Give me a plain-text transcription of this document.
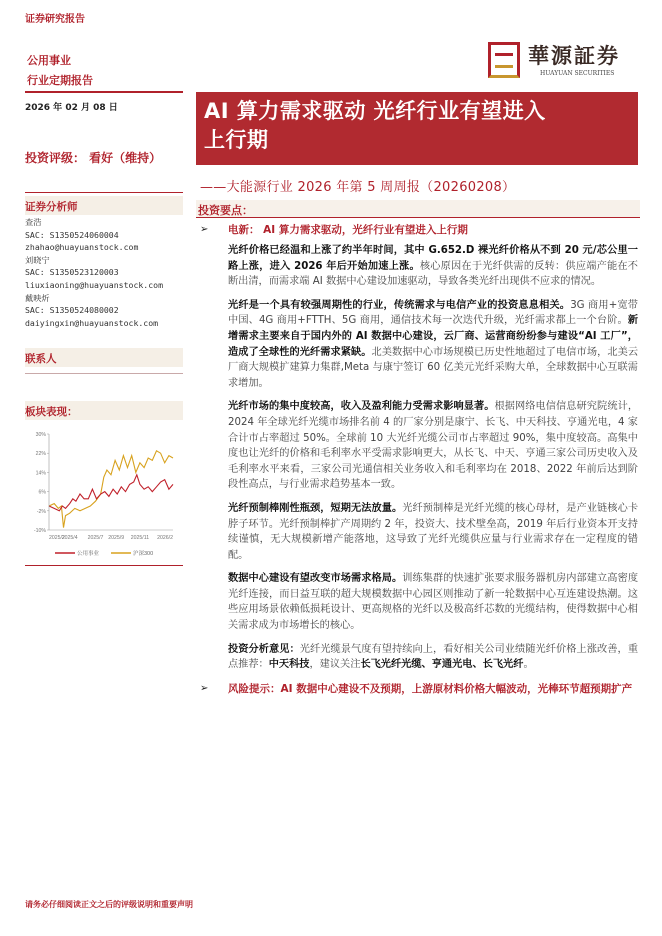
证券研究报告
公用事业
行业定期报告
2026 年 02 月 08 日
投资评级： 看好（维持）
華源証券
HUAYUAN SECURITIES
AI 算力需求驱动 光纤行业有望进入
上行期
——大能源行业 2026 年第 5 周周报（20260208）
证券分析师
查浩
SAC: S1350524060004
zhahao@huayuanstock.com
刘晓宁
SAC: S1350523120003
liuxiaoning@huayuanstock.com
戴映炘
SAC: S1350524080002
daiyingxin@huayuanstock.com
联系人
板块表现：
30%
22%
14%
6%
-2%
-10%
2025/2
2025/4 2025/7 2025/9 2025/11 2026/2
公用事业	沪深300
投资要点：
➢	电新： AI 算力需求驱动，光纤行业有望进入上行期
光纤价格已经温和上涨了约半年时间，其中 G.652.D 裸光纤价格从不到 20 元/芯公里一路上涨，进入 2026 年后开始加速上涨。核心原因在于光纤供需的反转：供应端产能在不断出清，而需求端 AI 数据中心建设加速驱动，导致各类光纤出现供不应求的情况。
光纤是一个具有较强周期性的行业，传统需求与电信产业的投资息息相关。3G 商用+宽带中国、4G 商用+FTTH、5G 商用，通信技术每一次迭代升级，光纤需求都上一个台阶。新增需求主要来自于国内外的 AI 数据中心建设，云厂商、运营商纷纷参与建设“AI 工厂”，造成了全球性的光纤需求紧缺。北美数据中心市场规模已历史性地超过了电信市场，北美云厂商大规模扩建算力集群,Meta 与康宁签订 60 亿美元光纤采购大单，全球数据中心互联需求增加。
光纤市场的集中度较高，收入及盈利能力受需求影响显著。根据网络电信信息研究院统计，2024 年全球光纤光缆市场排名前 4 的厂家分别是康宁、长飞、中天科技、亨通光电，4 家合计市占率超过 50%。全球前 10 大光纤光缆公司市占率超过 90%，集中度较高。高集中度也让光纤的价格和毛利率水平受需求影响更大，从长飞、中天、亨通三家公司历史收入及毛利率水平来看，三家公司光通信相关业务收入和毛利率均在 2018、2022 年前后达到阶段性高点，与行业需求趋势基本一致。
光纤预制棒刚性瓶颈，短期无法放量。光纤预制棒是光纤光缆的核心母材，是产业链核心卡脖子环节。光纤预制棒扩产周期约 2 年，投资大、技术壁垒高，2019 年后行业资本开支持续谨慎，无大规模新增产能落地，这导致了光纤光缆供应量与行业需求存在一定程度的错配。
数据中心建设有望改变市场需求格局。训练集群的快速扩张要求服务器机房内部建立高密度光纤连接，而日益互联的超大规模数据中心园区则推动了新一轮数据中心互连建设热潮。这些应用场景依赖低损耗设计、更高规格的光纤以及极高纤芯数的光缆结构，使得数据中心相关需求成为市场增长的核心。
投资分析意见：光纤光缆景气度有望持续向上，看好相关公司业绩随光纤价格上涨改善，重点推荐：中天科技，建议关注长飞光纤光缆、亨通光电、长飞光纤。
➢	风险提示：AI 数据中心建设不及预期，上游原材料价格大幅波动，光棒环节超预期扩产
请务必仔细阅读正文之后的评级说明和重要声明
